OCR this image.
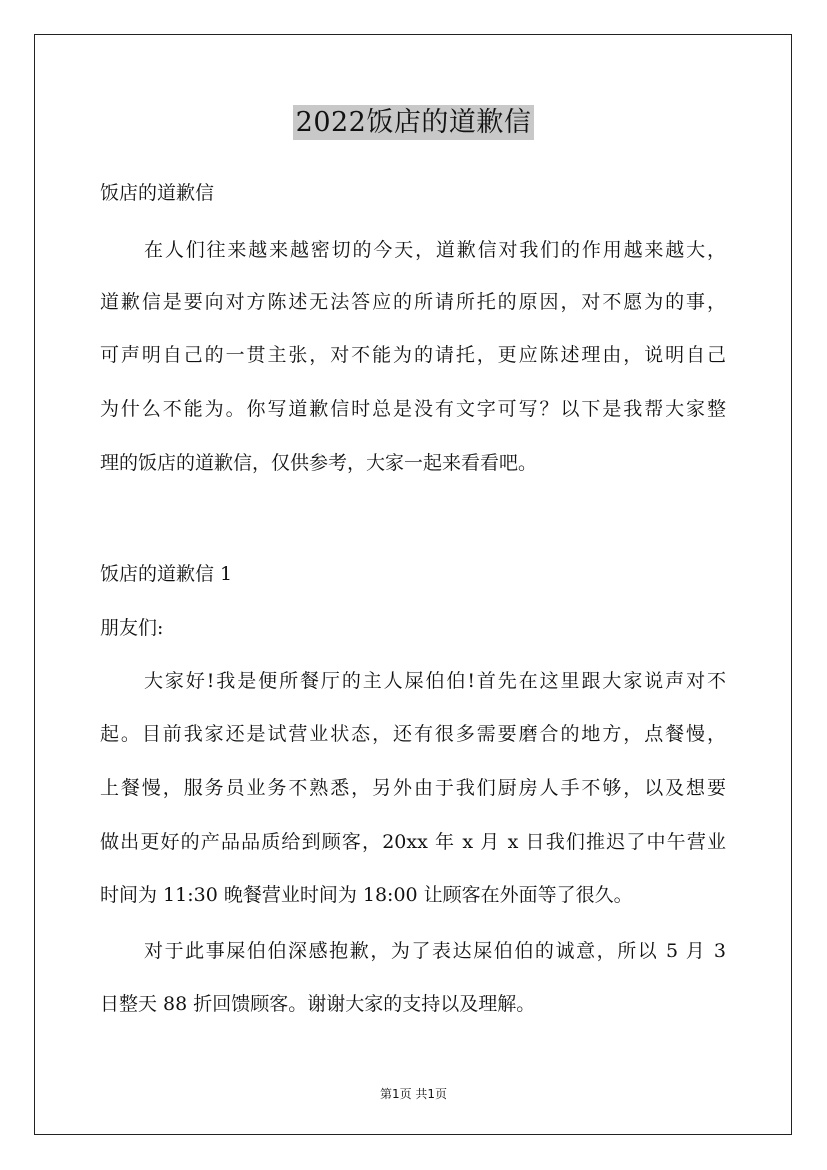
2022饭店的道歉信
饭店的道歉信
在人们往来越来越密切的今天，道歉信对我们的作用越来越大，
道歉信是要向对方陈述无法答应的所请所托的原因，对不愿为的事，
可声明自己的一贯主张，对不能为的请托，更应陈述理由，说明自己
为什么不能为。你写道歉信时总是没有文字可写？以下是我帮大家整
理的饭店的道歉信，仅供参考，大家一起来看看吧。
饭店的道歉信 1
朋友们:
大家好!我是便所餐厅的主人屎伯伯!首先在这里跟大家说声对不
起。目前我家还是试营业状态，还有很多需要磨合的地方，点餐慢，
上餐慢，服务员业务不熟悉，另外由于我们厨房人手不够，以及想要
做出更好的产品品质给到顾客，20xx 年 x 月 x 日我们推迟了中午营业
时间为 11:30 晚餐营业时间为 18:00 让顾客在外面等了很久。
对于此事屎伯伯深感抱歉，为了表达屎伯伯的诚意，所以 5 月 3
日整天 88 折回馈顾客。谢谢大家的支持以及理解。
第1页 共1页
